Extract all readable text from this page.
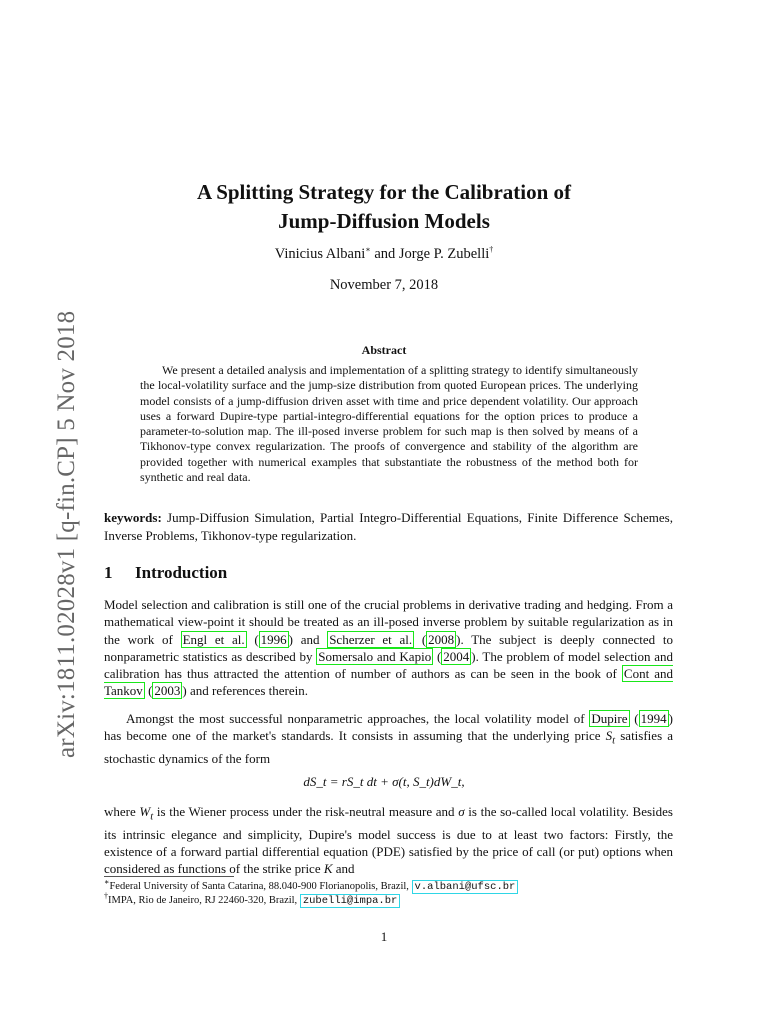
arXiv:1811.02028v1 [q-fin.CP] 5 Nov 2018
A Splitting Strategy for the Calibration of
Jump-Diffusion Models
Vinicius Albani∗ and Jorge P. Zubelli†
November 7, 2018
Abstract
We present a detailed analysis and implementation of a splitting strategy to identify simultaneously the local-volatility surface and the jump-size distribution from quoted European prices. The underlying model consists of a jump-diffusion driven asset with time and price dependent volatility. Our approach uses a forward Dupire-type partial-integro-differential equations for the option prices to produce a parameter-to-solution map. The ill-posed inverse problem for such map is then solved by means of a Tikhonov-type convex regularization. The proofs of convergence and stability of the algorithm are provided together with numerical examples that substantiate the robustness of the method both for synthetic and real data.
keywords: Jump-Diffusion Simulation, Partial Integro-Differential Equations, Finite Difference Schemes, Inverse Problems, Tikhonov-type regularization.
1 Introduction
Model selection and calibration is still one of the crucial problems in derivative trading and hedging. From a mathematical view-point it should be treated as an ill-posed inverse problem by suitable regularization as in the work of Engl et al. ( 1996 ) and Scherzer et al. ( 2008 ). The subject is deeply connected to nonparametric statistics as described by Somersalo and Kapio ( 2004 ). The problem of model selection and calibration has thus attracted the attention of number of authors as can be seen in the book of Cont and Tankov ( 2003 ) and references therein.
Amongst the most successful nonparametric approaches, the local volatility model of Dupire ( 1994 ) has become one of the market's standards. It consists in assuming that the underlying price $S_t$ satisfies a stochastic dynamics of the form
dS_t = rS_t dt + σ(t, S_t)dW_t,
where $W_t$ is the Wiener process under the risk-neutral measure and σ is the so-called local volatility. Besides its intrinsic elegance and simplicity, Dupire's model success is due to at least two factors: Firstly, the existence of a forward partial differential equation (PDE) satisfied by the price of call (or put) options when considered as functions of the strike price K and
∗Federal University of Santa Catarina, 88.040-900 Florianopolis, Brazil, v.albani@ufsc.br
†IMPA, Rio de Janeiro, RJ 22460-320, Brazil, zubelli@impa.br
1
